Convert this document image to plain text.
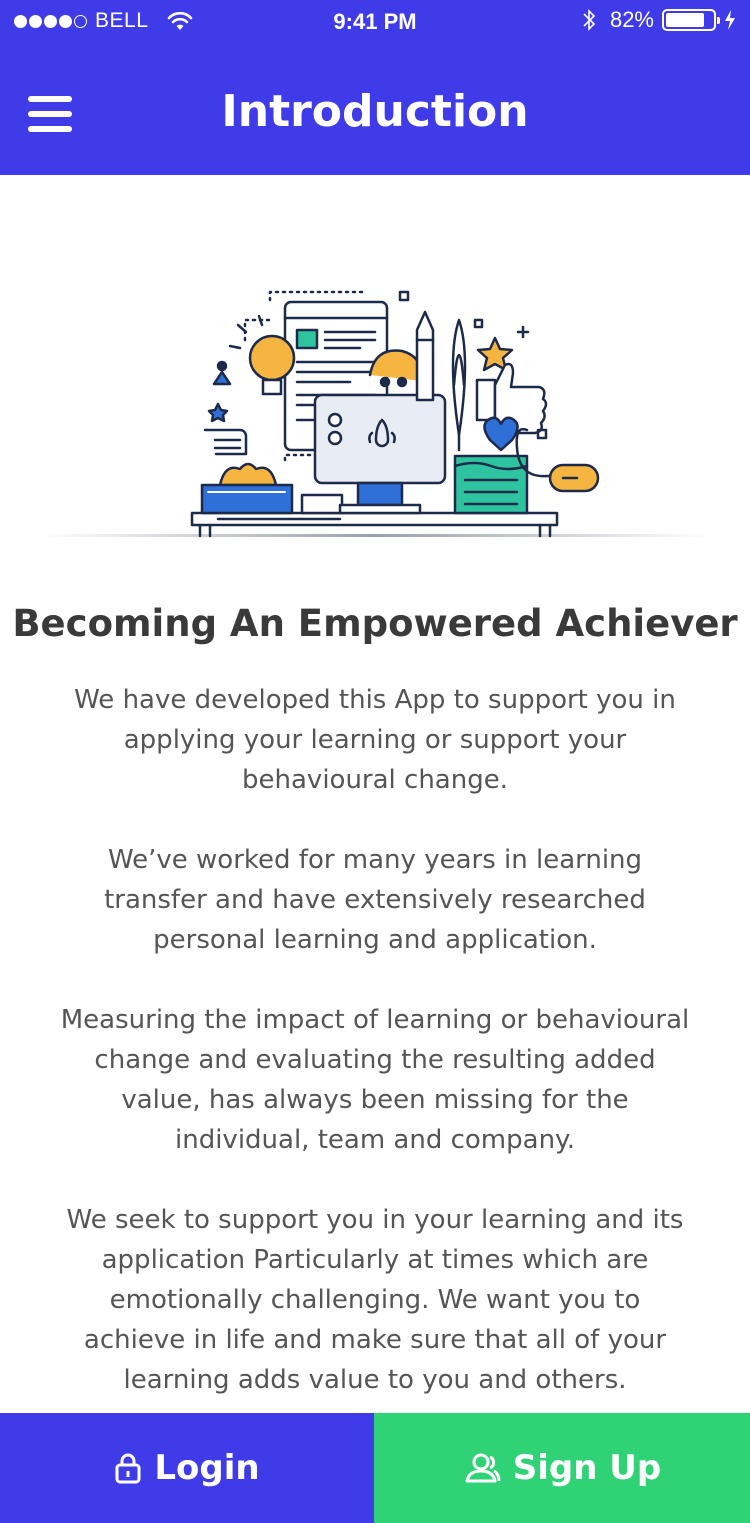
BELL	9:41 PM	82%
Introduction
Becoming An Empowered Achiever

We have developed this App to support you in applying your learning or support your behavioural change.

We’ve worked for many years in learning transfer and have extensively researched personal learning and application.

Measuring the impact of learning or behavioural change and evaluating the resulting added value, has always been missing for the individual, team and company.

We seek to support you in your learning and its application Particularly at times which are emotionally challenging. We want you to achieve in life and make sure that all of your learning adds value to you and others.

Login	Sign Up
